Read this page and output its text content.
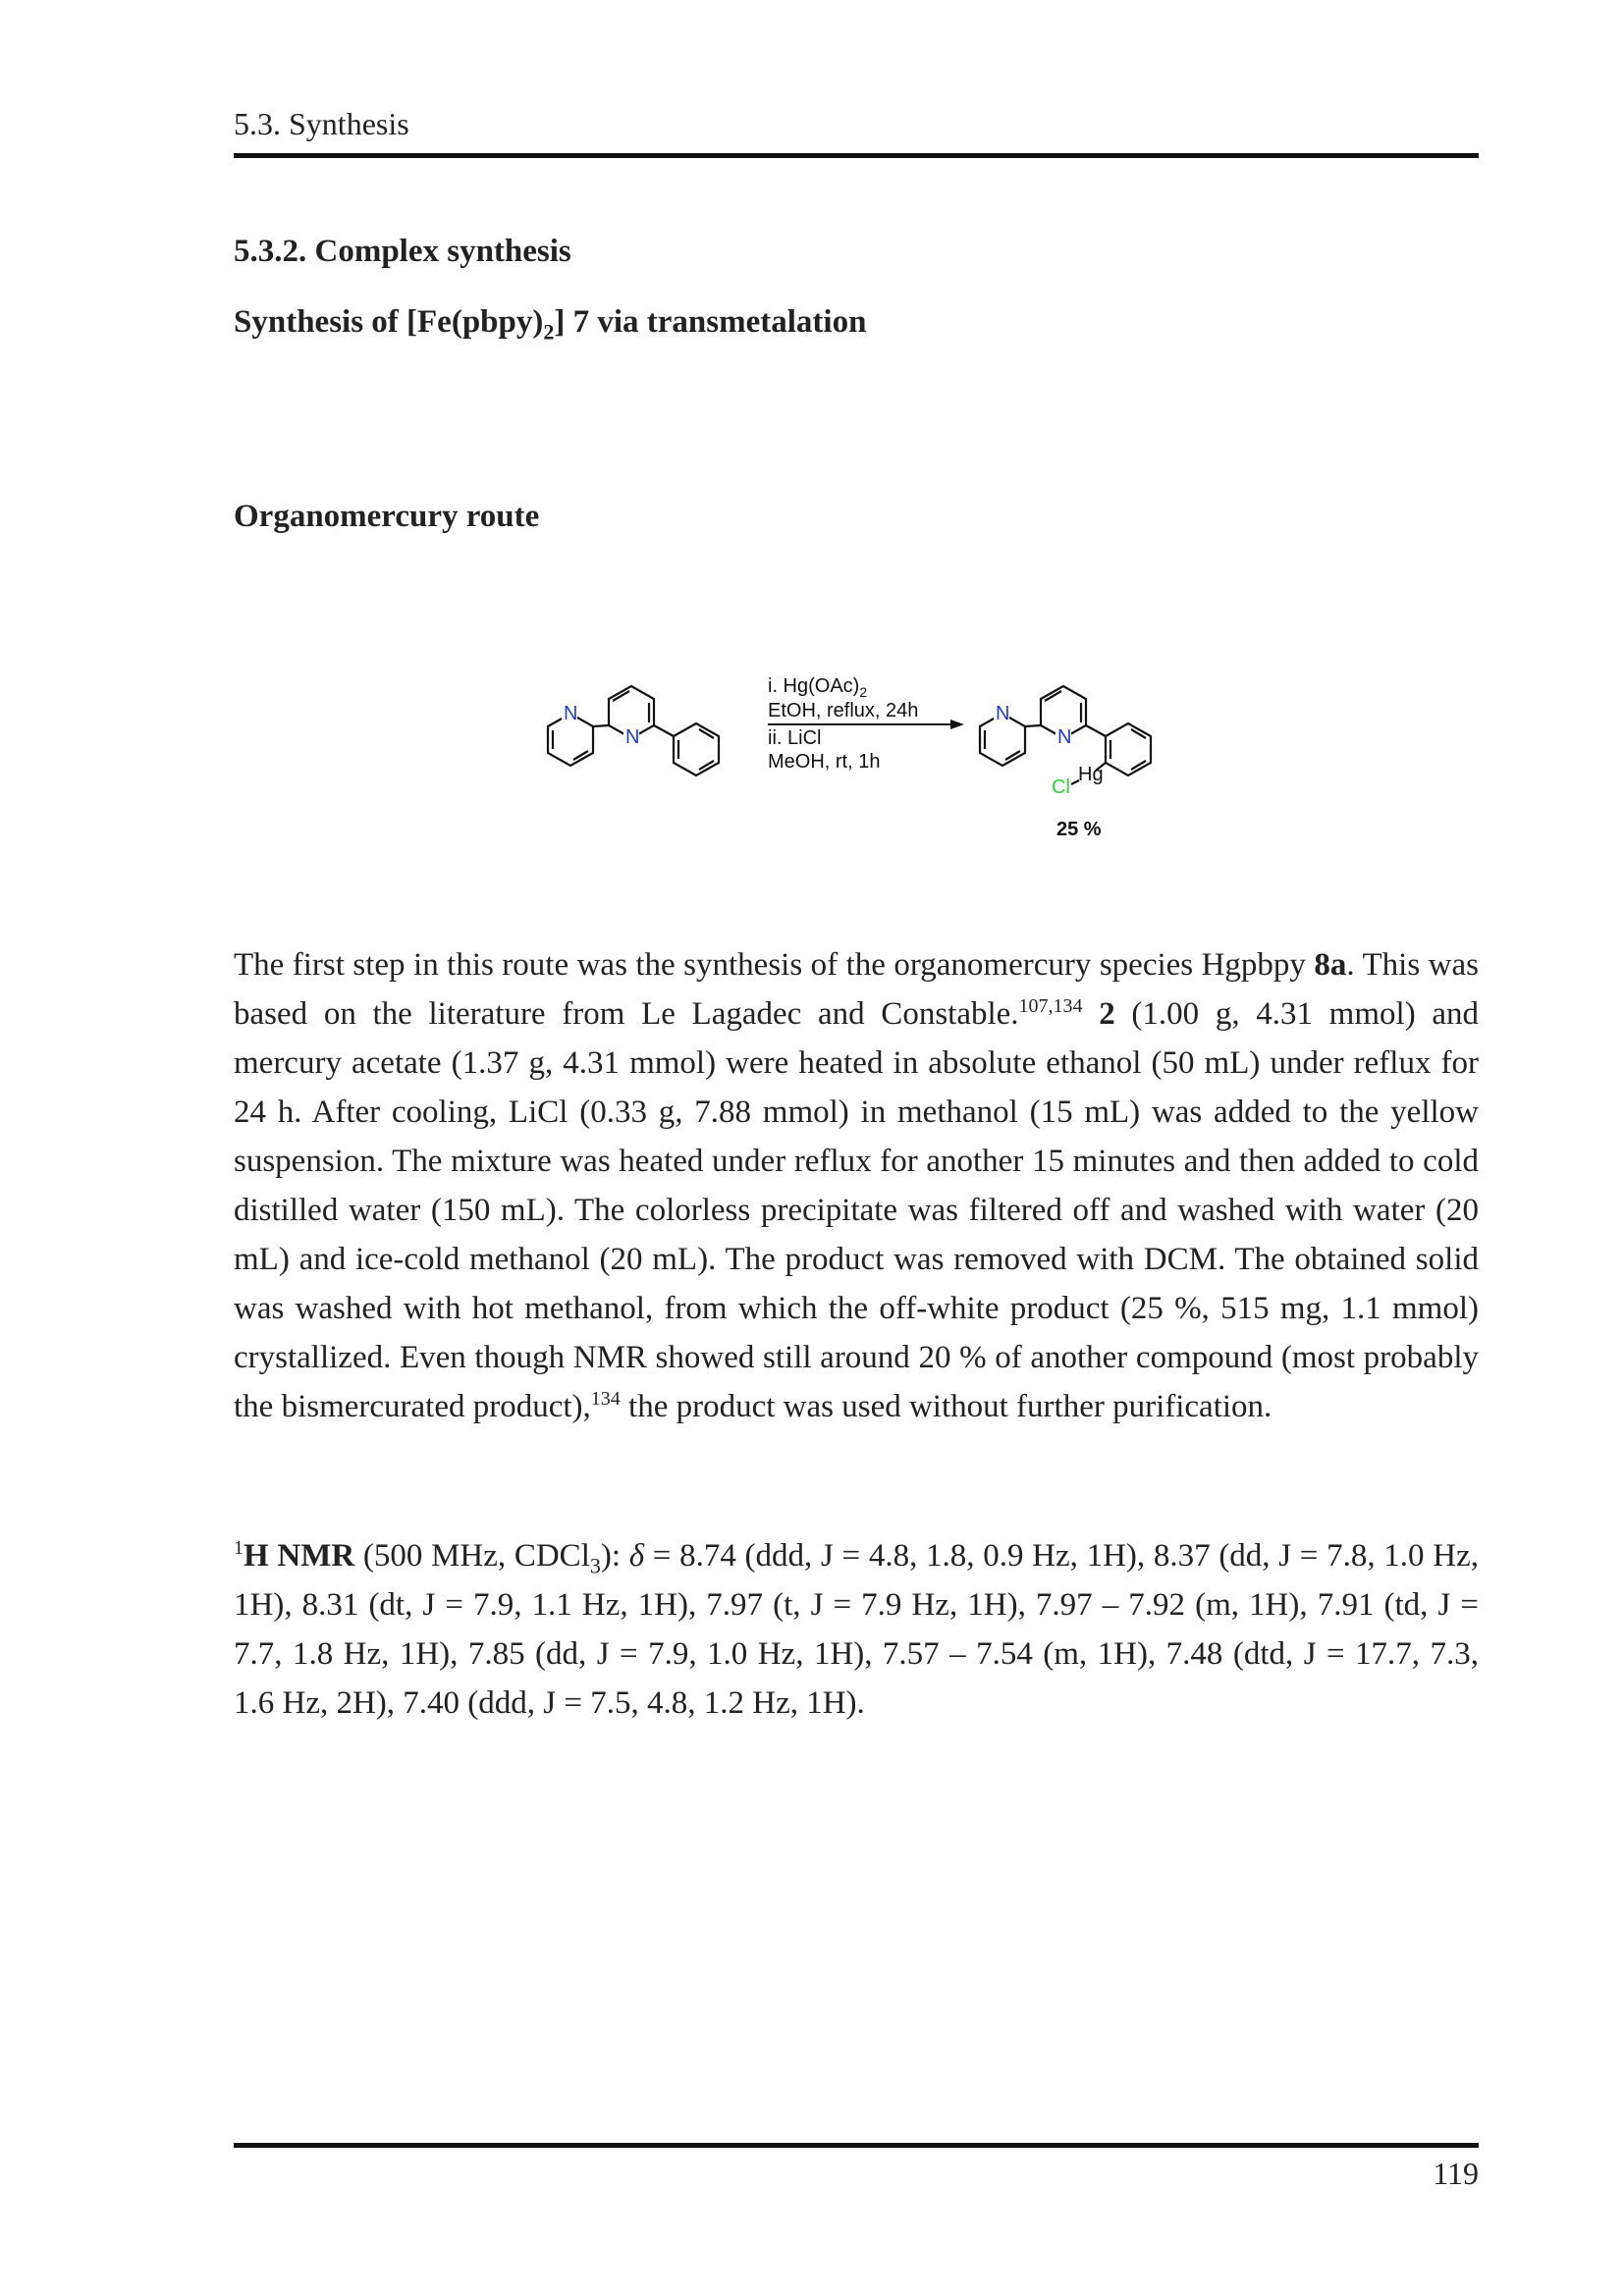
5.3. Synthesis
5.3.2. Complex synthesis
Synthesis of $[Fe(pbpy)_2]$ 7 via transmetalation
Organomercury route
N
N
i. $Hg(OAc)_2$
EtOH, reflux, 24h
ii. LiCl
MeOH, rt, 1h
N
N
Hg
Cl
25 %
The first step in this route was the synthesis of the organomercury species Hgpbpy 8a. This was based on the literature from Le Lagadec and Constable.$^{107,134}$ 2 (1.00 g, 4.31 mmol) and mercury acetate (1.37 g, 4.31 mmol) were heated in absolute ethanol (50 mL) under reflux for 24 h. After cooling, LiCl (0.33 g, 7.88 mmol) in methanol (15 mL) was added to the yellow suspension. The mixture was heated under reflux for another 15 minutes and then added to cold distilled water (150 mL). The colorless precipitate was filtered off and washed with water (20 mL) and ice-cold methanol (20 mL). The product was removed with DCM. The obtained solid was washed with hot methanol, from which the off-white product (25 %, 515 mg, 1.1 mmol) crystallized. Even though NMR showed still around 20 % of another compound (most probably the bismercurated product),$^{134}$ the product was used without further purification.
$^1$H NMR (500 MHz, CDCl$_3$): δ = 8.74 (ddd, J = 4.8, 1.8, 0.9 Hz, 1H), 8.37 (dd, J = 7.8, 1.0 Hz, 1H), 8.31 (dt, J = 7.9, 1.1 Hz, 1H), 7.97 (t, J = 7.9 Hz, 1H), 7.97 – 7.92 (m, 1H), 7.91 (td, J = 7.7, 1.8 Hz, 1H), 7.85 (dd, J = 7.9, 1.0 Hz, 1H), 7.57 – 7.54 (m, 1H), 7.48 (dtd, J = 17.7, 7.3, 1.6 Hz, 2H), 7.40 (ddd, J = 7.5, 4.8, 1.2 Hz, 1H).
119
